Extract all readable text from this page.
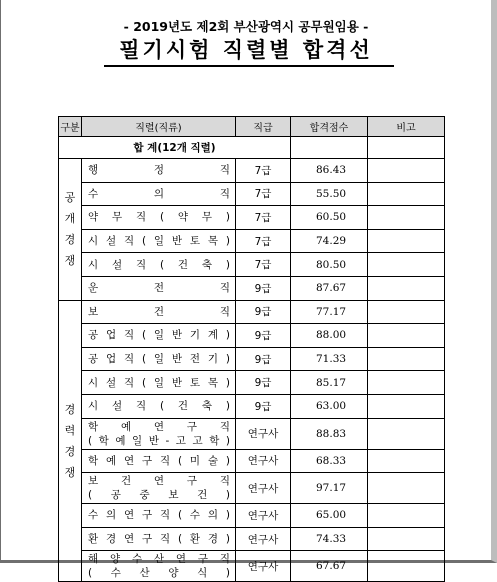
- 2019년도 제2회 부산광역시 공무원임용 -
필기시험 직렬별 합격선
구분	직렬(직류)	직급	합격점수	비고
합 계(12개 직렬)				

공
개
경
쟁	행 정 직	7급	86.43	

	수 의 직	7급	55.50	

	약 무 직 ( 약 무 )	7급	60.50	

	시 설 직 ( 일 반 토 목 )	7급	74.29	

	시 설 직 ( 건 축 )	7급	80.50	

	운 전 직	9급	87.67	

경
력
경
쟁	보 건 직	9급	77.17	

	공 업 직 ( 일 반 기 계 )	9급	88.00	

	공 업 직 ( 일 반 전 기 )	9급	71.33	

	시 설 직 ( 일 반 토 목 )	9급	85.17	

	시 설 직 ( 건 축 )	9급	63.00	

	학 예 연 구 직
( 학 예 일 반 - 고 고 학 )	연구사	88.83	

	학 예 연 구 직 ( 미 술 )	연구사	68.33	

	보 건 연 구 직
( 공 중 보 건 )	연구사	97.17	

	수 의 연 구 직 ( 수 의 )	연구사	65.00	

	환 경 연 구 직 ( 환 경 )	연구사	74.33	

	해 양 수 산 연 구 직
( 수 산 양 식 )	연구사	67.67	
